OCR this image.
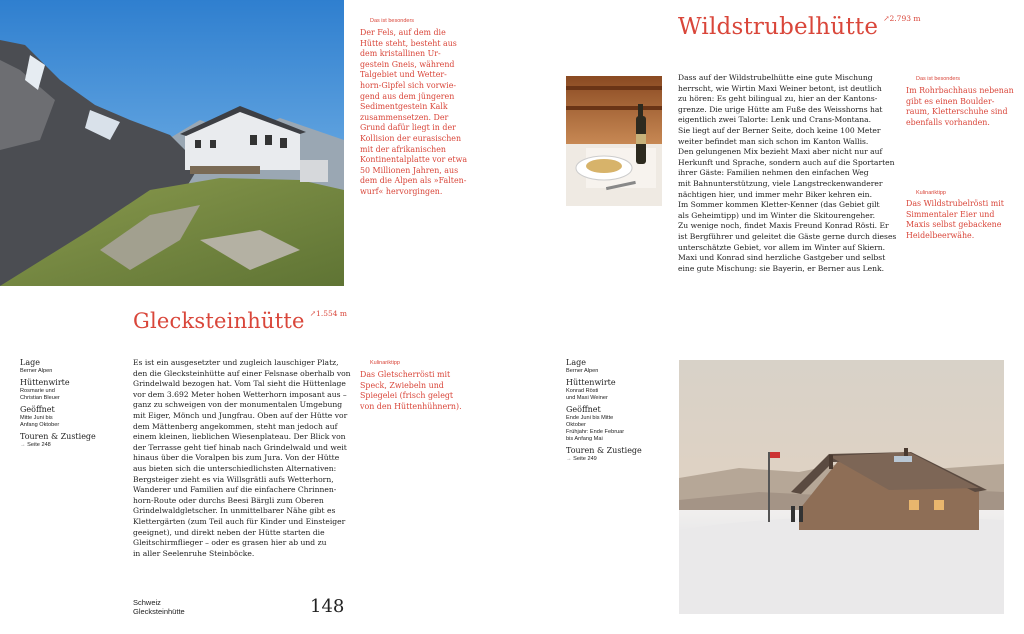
Das ist besonders
Der Fels, auf dem die
Hütte steht, besteht aus
dem kristallinen Ur-
gestein Gneis, während
Talgebiet und Wetter-
horn-Gipfel sich vorwie-
gend aus dem jüngeren
Sedimentgestein Kalk
zusammensetzen. Der
Grund dafür liegt in der
Kollision der eurasischen
mit der afrikanischen
Kontinentalplatte vor etwa
50 Millionen Jahren, aus
dem die Alpen als »Falten-
wurf« hervorgingen.
Glecksteinhütte $^{↗1.554 m}$
Lage
Berner Alpen
Hüttenwirte
Rosmarie und
Christian Bleuer
Geöffnet
Mitte Juni bis
Anfang Oktober
Touren & Zustiege
→ Seite 248
Es ist ein ausgesetzter und zugleich lauschiger Platz,
den die Glecksteinhütte auf einer Felsnase oberhalb von
Grindelwald bezogen hat. Vom Tal sieht die Hüttenlage
vor dem 3.692 Meter hohen Wetterhorn imposant aus –
ganz zu schweigen von der monumentalen Umgebung
mit Eiger, Mönch und Jungfrau. Oben auf der Hütte vor
dem Mättenberg angekommen, steht man jedoch auf
einem kleinen, lieblichen Wiesenplateau. Der Blick von
der Terrasse geht tief hinab nach Grindelwald und weit
hinaus über die Voralpen bis zum Jura. Von der Hütte
aus bieten sich die unterschiedlichsten Alternativen:
Bergsteiger zieht es via Willsgrätli aufs Wetterhorn,
Wanderer und Familien auf die einfachere Chrinnen-
horn-Route oder durchs Beesi Bärgli zum Oberen
Grindelwaldgletscher. In unmittelbarer Nähe gibt es
Klettergärten (zum Teil auch für Kinder und Einsteiger
geeignet), und direkt neben der Hütte starten die
Gleitschirmflieger – oder es grasen hier ab und zu
in aller Seelenruhe Steinböcke.
Kulinariktipp
Das Gletscherrösti mit
Speck, Zwiebeln und
Spiegelei (frisch gelegt
von den Hüttenhühnern).
Schweiz
Glecksteinhütte	148
Wildstrubelhütte $^{↗2.793 m}$
Dass auf der Wildstrubelhütte eine gute Mischung
herrscht, wie Wirtin Maxi Weiner betont, ist deutlich
zu hören: Es geht bilingual zu, hier an der Kantons-
grenze. Die urige Hütte am Fuße des Weisshorns hat
eigentlich zwei Talorte: Lenk und Crans-Montana.
Sie liegt auf der Berner Seite, doch keine 100 Meter
weiter befindet man sich schon im Kanton Wallis.
Den gelungenen Mix bezieht Maxi aber nicht nur auf
Herkunft und Sprache, sondern auch auf die Sportarten
ihrer Gäste: Familien nehmen den einfachen Weg
mit Bahnunterstützung, viele Langstreckenwanderer
nächtigen hier, und immer mehr Biker kehren ein.
Im Sommer kommen Kletter-Kenner (das Gebiet gilt
als Geheimtipp) und im Winter die Skitourengeher.
Zu wenige noch, findet Maxis Freund Konrad Rösti. Er
ist Bergführer und geleitet die Gäste gerne durch dieses
unterschätzte Gebiet, vor allem im Winter auf Skiern.
Maxi und Konrad sind herzliche Gastgeber und selbst
eine gute Mischung: sie Bayerin, er Berner aus Lenk.
Das ist besonders
Im Rohrbachhaus nebenan
gibt es einen Boulder-
raum, Kletterschuhe sind
ebenfalls vorhanden.
Kulinariktipp
Das Wildstrubelrösti mit
Simmentaler Eier und
Maxis selbst gebackene
Heidelbeerwähe.
Lage
Berner Alpen
Hüttenwirte
Konrad Rösti
und Maxi Weiner
Geöffnet
Ende Juni bis Mitte
Oktober
Frühjahr: Ende Februar
bis Anfang Mai
Touren & Zustiege
→ Seite 249
